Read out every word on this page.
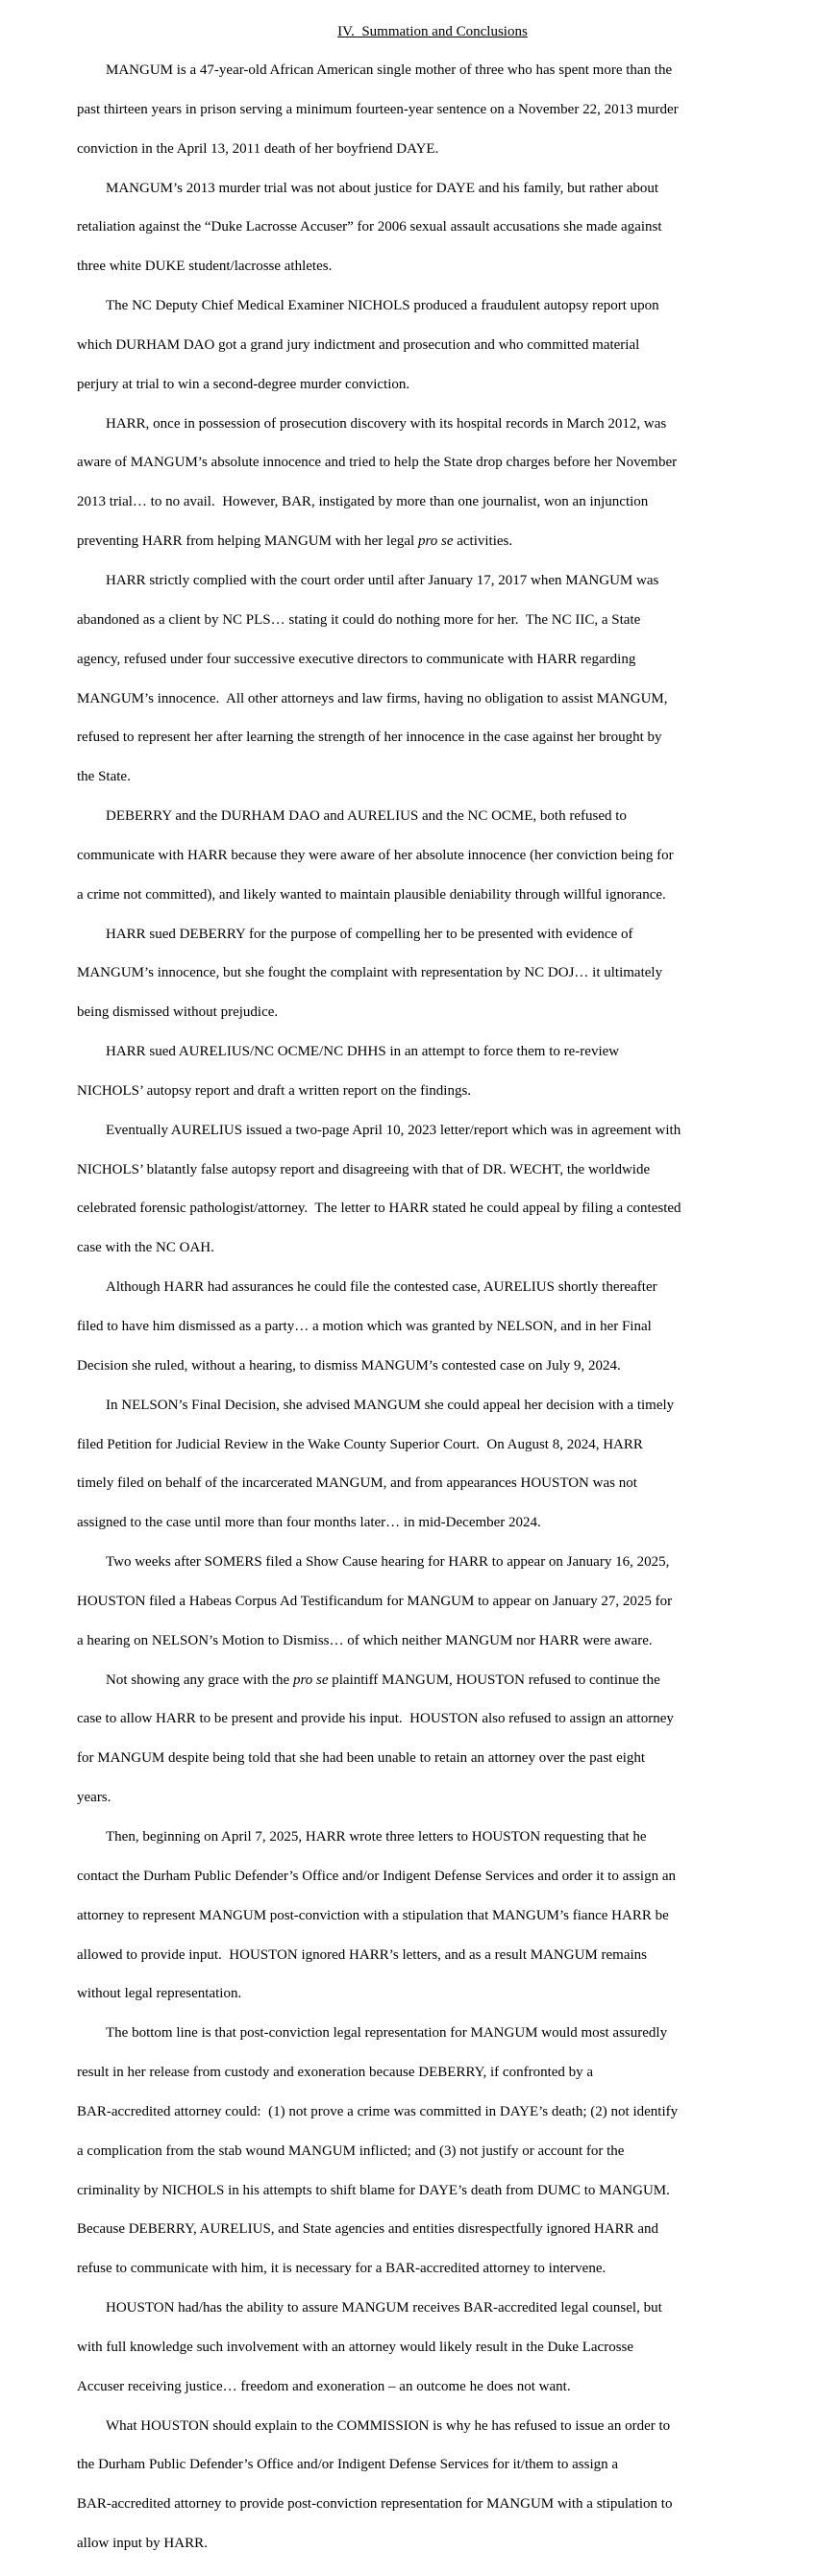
IV.  Summation and Conclusions
MANGUM is a 47-year-old African American single mother of three who has spent more than the
past thirteen years in prison serving a minimum fourteen-year sentence on a November 22, 2013 murder
conviction in the April 13, 2011 death of her boyfriend DAYE.
MANGUM’s 2013 murder trial was not about justice for DAYE and his family, but rather about
retaliation against the “Duke Lacrosse Accuser” for 2006 sexual assault accusations she made against
three white DUKE student/lacrosse athletes.
The NC Deputy Chief Medical Examiner NICHOLS produced a fraudulent autopsy report upon
which DURHAM DAO got a grand jury indictment and prosecution and who committed material
perjury at trial to win a second-degree murder conviction.
HARR, once in possession of prosecution discovery with its hospital records in March 2012, was
aware of MANGUM’s absolute innocence and tried to help the State drop charges before her November
2013 trial… to no avail.  However, BAR, instigated by more than one journalist, won an injunction
preventing HARR from helping MANGUM with her legal pro se activities.
HARR strictly complied with the court order until after January 17, 2017 when MANGUM was
abandoned as a client by NC PLS… stating it could do nothing more for her.  The NC IIC, a State
agency, refused under four successive executive directors to communicate with HARR regarding
MANGUM’s innocence.  All other attorneys and law firms, having no obligation to assist MANGUM,
refused to represent her after learning the strength of her innocence in the case against her brought by
the State.
DEBERRY and the DURHAM DAO and AURELIUS and the NC OCME, both refused to
communicate with HARR because they were aware of her absolute innocence (her conviction being for
a crime not committed), and likely wanted to maintain plausible deniability through willful ignorance.
HARR sued DEBERRY for the purpose of compelling her to be presented with evidence of
MANGUM’s innocence, but she fought the complaint with representation by NC DOJ… it ultimately
being dismissed without prejudice.
HARR sued AURELIUS/NC OCME/NC DHHS in an attempt to force them to re-review
NICHOLS’ autopsy report and draft a written report on the findings.
Eventually AURELIUS issued a two-page April 10, 2023 letter/report which was in agreement with
NICHOLS’ blatantly false autopsy report and disagreeing with that of DR. WECHT, the worldwide
celebrated forensic pathologist/attorney.  The letter to HARR stated he could appeal by filing a contested
case with the NC OAH.
Although HARR had assurances he could file the contested case, AURELIUS shortly thereafter
filed to have him dismissed as a party… a motion which was granted by NELSON, and in her Final
Decision she ruled, without a hearing, to dismiss MANGUM’s contested case on July 9, 2024.
In NELSON’s Final Decision, she advised MANGUM she could appeal her decision with a timely
filed Petition for Judicial Review in the Wake County Superior Court.  On August 8, 2024, HARR
timely filed on behalf of the incarcerated MANGUM, and from appearances HOUSTON was not
assigned to the case until more than four months later… in mid-December 2024.
Two weeks after SOMERS filed a Show Cause hearing for HARR to appear on January 16, 2025,
HOUSTON filed a Habeas Corpus Ad Testificandum for MANGUM to appear on January 27, 2025 for
a hearing on NELSON’s Motion to Dismiss… of which neither MANGUM nor HARR were aware.
Not showing any grace with the pro se plaintiff MANGUM, HOUSTON refused to continue the
case to allow HARR to be present and provide his input.  HOUSTON also refused to assign an attorney
for MANGUM despite being told that she had been unable to retain an attorney over the past eight
years.
Then, beginning on April 7, 2025, HARR wrote three letters to HOUSTON requesting that he
contact the Durham Public Defender’s Office and/or Indigent Defense Services and order it to assign an
attorney to represent MANGUM post-conviction with a stipulation that MANGUM’s fiance HARR be
allowed to provide input.  HOUSTON ignored HARR’s letters, and as a result MANGUM remains
without legal representation.
The bottom line is that post-conviction legal representation for MANGUM would most assuredly
result in her release from custody and exoneration because DEBERRY, if confronted by a
BAR-accredited attorney could:  (1) not prove a crime was committed in DAYE’s death; (2) not identify
a complication from the stab wound MANGUM inflicted; and (3) not justify or account for the
criminality by NICHOLS in his attempts to shift blame for DAYE’s death from DUMC to MANGUM.
Because DEBERRY, AURELIUS, and State agencies and entities disrespectfully ignored HARR and
refuse to communicate with him, it is necessary for a BAR-accredited attorney to intervene.
HOUSTON had/has the ability to assure MANGUM receives BAR-accredited legal counsel, but
with full knowledge such involvement with an attorney would likely result in the Duke Lacrosse
Accuser receiving justice… freedom and exoneration – an outcome he does not want.
What HOUSTON should explain to the COMMISSION is why he has refused to issue an order to
the Durham Public Defender’s Office and/or Indigent Defense Services for it/them to assign a
BAR-accredited attorney to provide post-conviction representation for MANGUM with a stipulation to
allow input by HARR.
